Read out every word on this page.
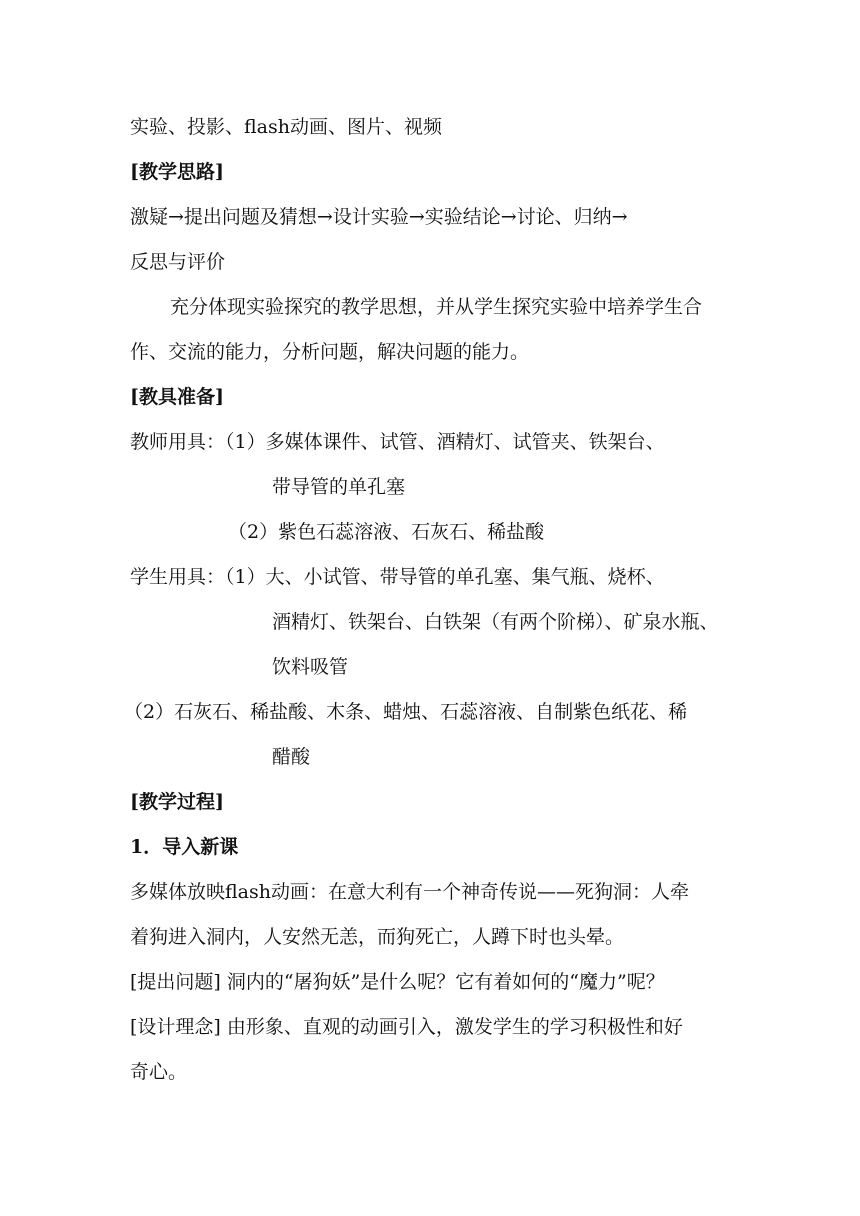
实验、投影、flash动画、图片、视频
[教学思路]
激疑→提出问题及猜想→设计实验→实验结论→讨论、归纳→
反思与评价
充分体现实验探究的教学思想，并从学生探究实验中培养学生合
作、交流的能力，分析问题，解决问题的能力。
[教具准备]
教师用具：（1）多媒体课件、试管、酒精灯、试管夹、铁架台、
带导管的单孔塞
（2）紫色石蕊溶液、石灰石、稀盐酸
学生用具：（1）大、小试管、带导管的单孔塞、集气瓶、烧杯、
酒精灯、铁架台、白铁架（有两个阶梯）、矿泉水瓶、
饮料吸管
（2）石灰石、稀盐酸、木条、蜡烛、石蕊溶液、自制紫色纸花、稀
醋酸
[教学过程]
1．导入新课
多媒体放映flash动画：在意大利有一个神奇传说——死狗洞：人牵
着狗进入洞内，人安然无恙，而狗死亡，人蹲下时也头晕。
[提出问题] 洞内的“屠狗妖”是什么呢？它有着如何的“魔力”呢？
[设计理念] 由形象、直观的动画引入，激发学生的学习积极性和好
奇心。
